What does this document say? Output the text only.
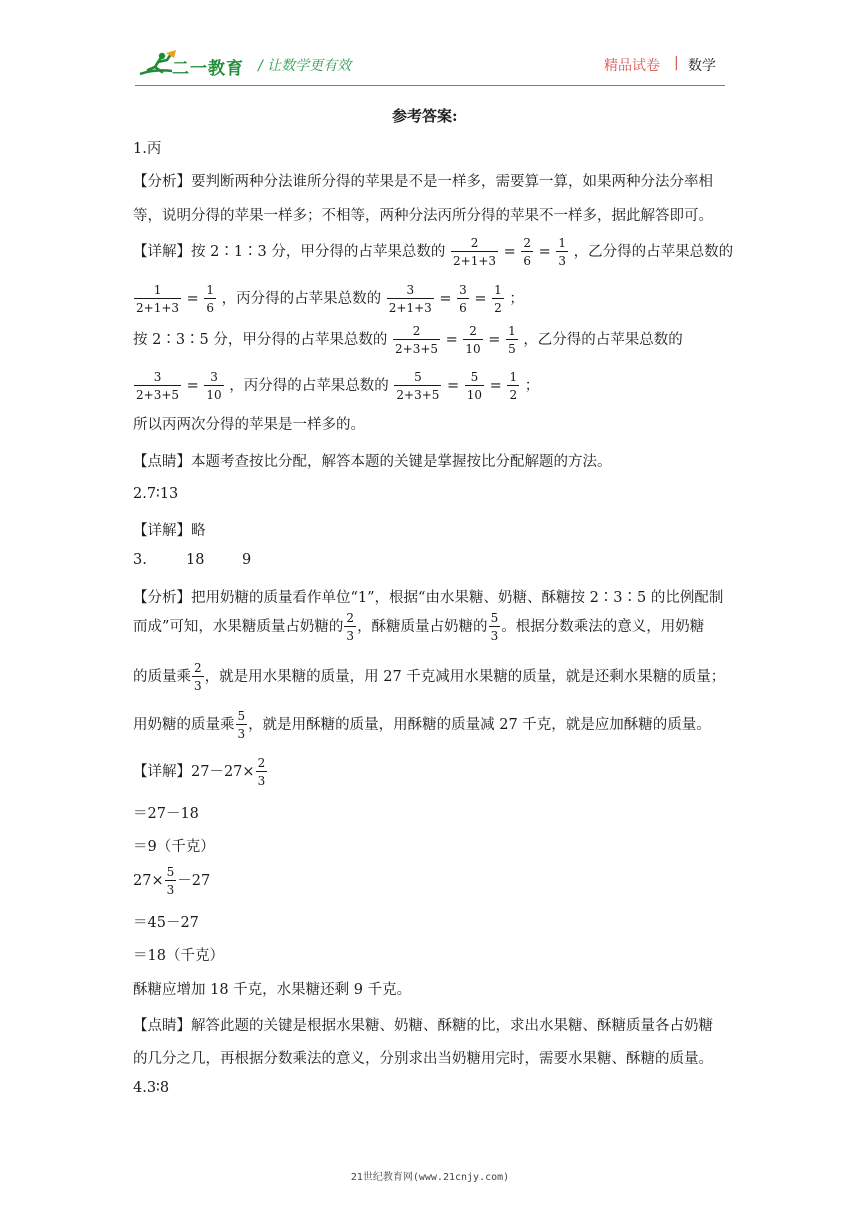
二一教育 / 让数学更有效	精品试卷 | 数学
参考答案:
1.丙
【分析】要判断两种分法谁所分得的苹果是不是一样多，需要算一算，如果两种分法分率相
等，说明分得的苹果一样多；不相等，两种分法丙所分得的苹果不一样多，据此解答即可。
【详解】按 2∶1∶3 分，甲分得的占苹果总数的 $\frac{2}{2+1+3} = \frac{2}{6} = \frac{1}{3}$ ，乙分得的占苹果总数的
$\frac{1}{2+1+3} = \frac{1}{6}$ ，丙分得的占苹果总数的 $\frac{3}{2+1+3} = \frac{3}{6} = \frac{1}{2}$ ；
按 2∶3∶5 分，甲分得的占苹果总数的 $\frac{2}{2+3+5} = \frac{2}{10} = \frac{1}{5}$ ，乙分得的占苹果总数的
$\frac{3}{2+3+5} = \frac{3}{10}$ ，丙分得的占苹果总数的 $\frac{5}{2+3+5} = \frac{5}{10} = \frac{1}{2}$ ；
所以丙两次分得的苹果是一样多的。
【点睛】本题考查按比分配，解答本题的关键是掌握按比分配解题的方法。
2.7∶13
【详解】略
3.	18	9
【分析】把用奶糖的质量看作单位“1”，根据“由水果糖、奶糖、酥糖按 2∶3∶5 的比例配制
而成”可知，水果糖质量占奶糖的 $\frac{2}{3}$ ，酥糖质量占奶糖的 $\frac{5}{3}$ 。根据分数乘法的意义，用奶糖
的质量乘 $\frac{2}{3}$ ，就是用水果糖的质量，用 27 千克减用水果糖的质量，就是还剩水果糖的质量；
用奶糖的质量乘 $\frac{5}{3}$ ，就是用酥糖的质量，用酥糖的质量减 27 千克，就是应加酥糖的质量。
【详解】$27-27\times \frac{2}{3}$
＝27－18
＝9（千克）
$27\times \frac{5}{3} -27$
＝45－27
＝18（千克）
酥糖应增加 18 千克，水果糖还剩 9 千克。
【点睛】解答此题的关键是根据水果糖、奶糖、酥糖的比，求出水果糖、酥糖质量各占奶糖
的几分之几，再根据分数乘法的意义，分别求出当奶糖用完时，需要水果糖、酥糖的质量。
4.3∶8
21世纪教育网(www.21cnjy.com)
